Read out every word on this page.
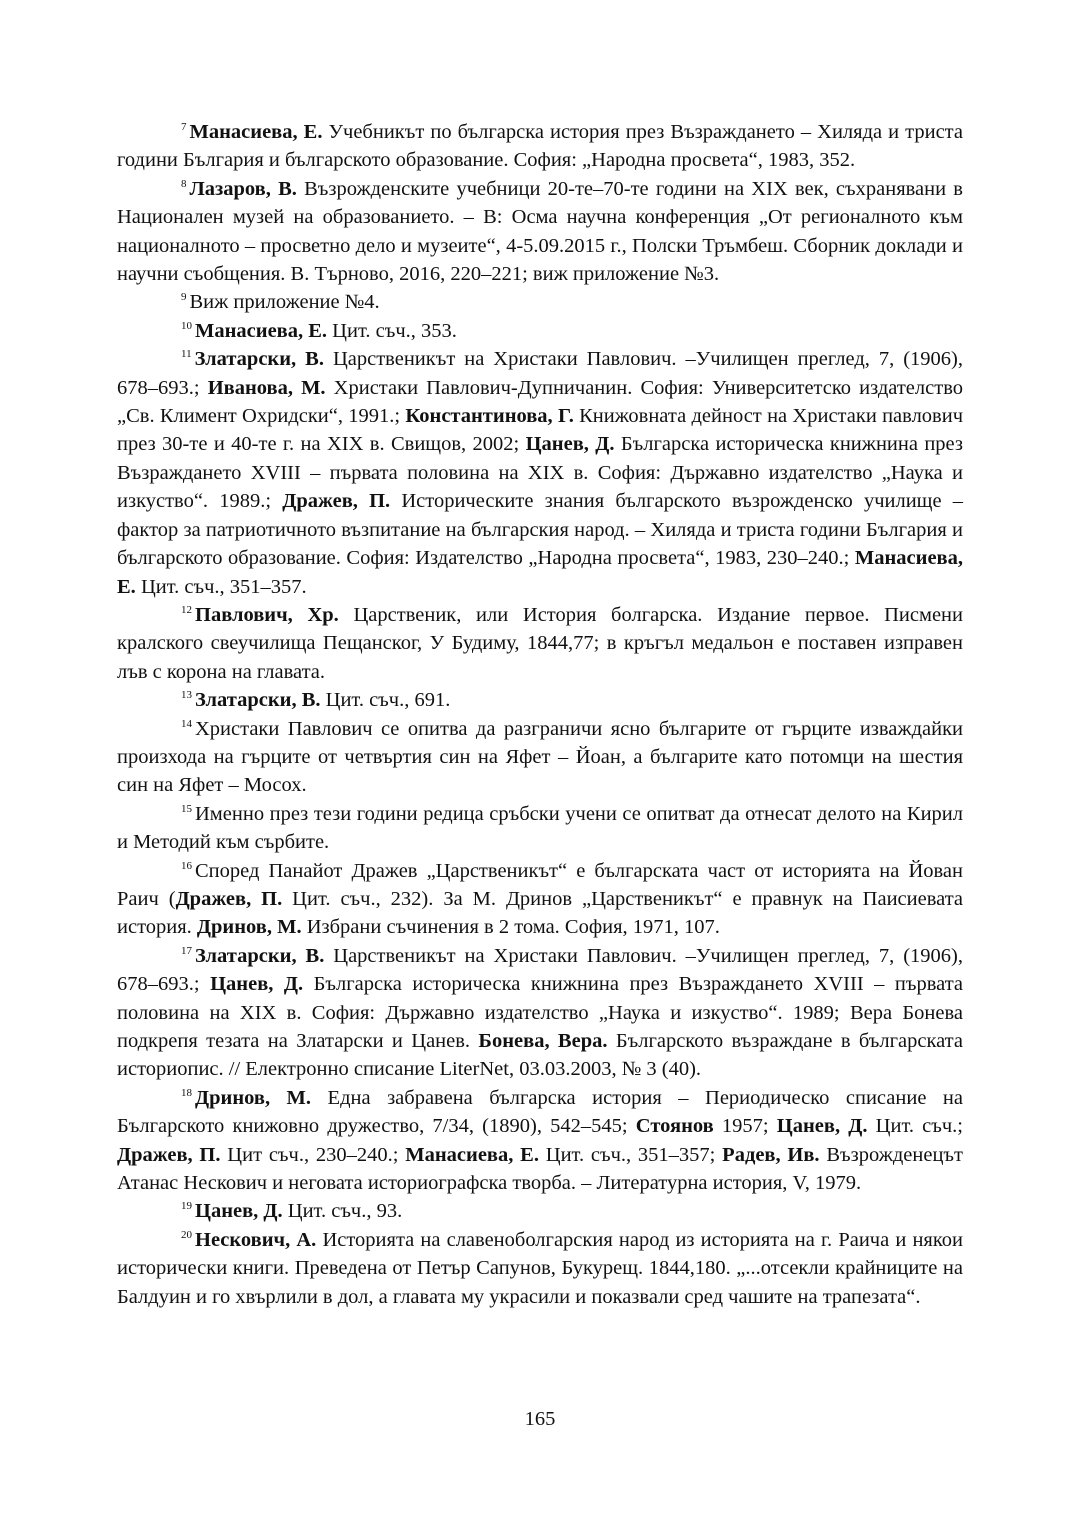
$^7$ Манасиева, Е. Учебникът по българска история през Възраждането – Хиляда и триста години България и българското образование. София: „Народна просвета“, 1983, 352.

$^8$ Лазаров, В. Възрожденските учебници 20-те–70-те години на XIX век, съхранявани в Национален музей на образованието. – В: Осма научна конференция „От регионалното към националното – просветно дело и музеите“, 4-5.09.2015 г., Полски Тръмбеш. Сборник доклади и научни съобщения. В. Търново, 2016, 220–221; виж приложение №3.

$^9$ Виж приложение №4.

$^{10}$ Манасиева, Е. Цит. съч., 353.

$^{11}$ Златарски, В. Царственикът на Христаки Павлович. –Училищен преглед, 7, (1906), 678–693.; Иванова, М. Христаки Павлович-Дупничанин. София: Университетско издателство „Св. Климент Охридски“, 1991.; Константинова, Г. Книжовната дейност на Христаки павлович през 30-те и 40-те г. на XIX в. Свищов, 2002; Цанев, Д. Българска историческа книжнина през Възраждането XVIII – първата половина на XIX в. София: Държавно издателство „Наука и изкуство“. 1989.; Дражев, П. Историческите знания българското възрожденско училище – фактор за патриотичното възпитание на българския народ. – Хиляда и триста години България и българското образование. София: Издателство „Народна просвета“, 1983, 230–240.; Манасиева, Е. Цит. съч., 351–357.

$^{12}$ Павлович, Хр. Царственик, или История болгарска. Издание первое. Писмени кралского свеучилища Пещанског, У Будиму, 1844,77; в кръгъл медальон е поставен изправен лъв с корона на главата.

$^{13}$ Златарски, В. Цит. съч., 691.

$^{14}$ Христаки Павлович се опитва да разграничи ясно българите от гърците изваждайки произхода на гърците от четвъртия син на Яфет – Йоан, а българите като потомци на шестия син на Яфет – Мосох.

$^{15}$ Именно през тези години редица сръбски учени се опитват да отнесат делото на Кирил и Методий към сърбите.

$^{16}$ Според Панайот Дражев „Царственикът“ е българската част от историята на Йован Раич (Дражев, П. Цит. съч., 232). За М. Дринов „Царственикът“ е правнук на Паисиевата история. Дринов, М. Избрани съчинения в 2 тома. София, 1971, 107.

$^{17}$ Златарски, В. Царственикът на Христаки Павлович. –Училищен преглед, 7, (1906), 678–693.; Цанев, Д. Българска историческа книжнина през Възраждането XVIII – първата половина на XIX в. София: Държавно издателство „Наука и изкуство“. 1989; Вера Бонева подкрепя тезата на Златарски и Цанев. Бонева, Вера. Българското възраждане в българската историопис. // Електронно списание LiterNet, 03.03.2003, № 3 (40).

$^{18}$ Дринов, М. Една забравена българска история – Периодическо списание на Българското книжовно дружество, 7/34, (1890), 542–545; Стоянов 1957; Цанев, Д. Цит. съч.; Дражев, П. Цит съч., 230–240.; Манасиева, Е. Цит. съч., 351–357; Радев, Ив. Възрожденецът Атанас Нескович и неговата историографска творба. – Литературна история, V, 1979.

$^{19}$ Цанев, Д. Цит. съч., 93.

$^{20}$ Нескович, А. Историята на славеноболгарския народ из историята на г. Раича и някои исторически книги. Преведена от Петър Сапунов, Букурещ. 1844,180. „...отсекли крайниците на Балдуин и го хвърлили в дол, а главата му украсили и показвали сред чашите на трапезата“.

165
